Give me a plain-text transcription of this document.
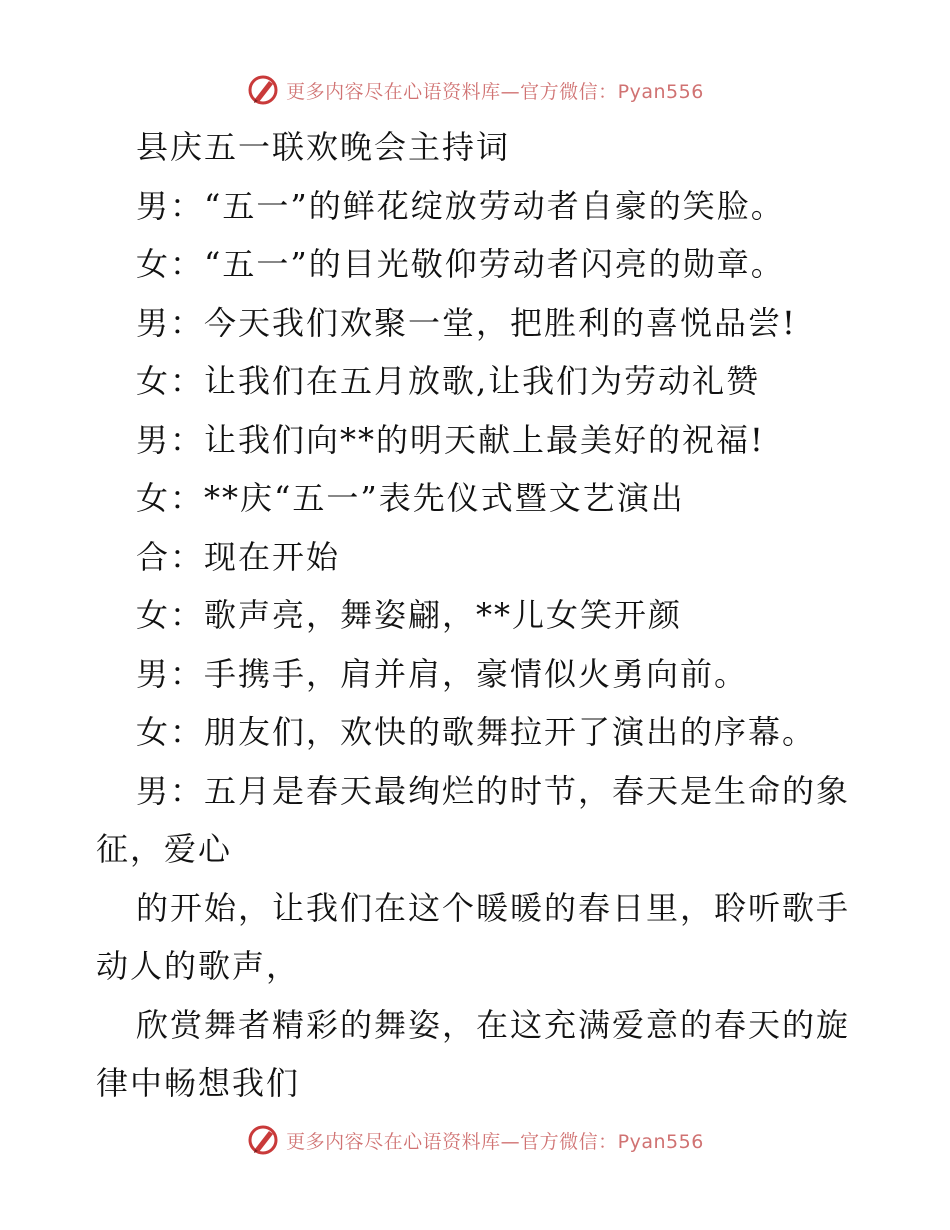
更多内容尽在心语资料库—官方微信：Pyan556
县庆五一联欢晚会主持词
男：“五一”的鲜花绽放劳动者自豪的笑脸。
女：“五一”的目光敬仰劳动者闪亮的勋章。
男：今天我们欢聚一堂，把胜利的喜悦品尝!
女：让我们在五月放歌,让我们为劳动礼赞
男：让我们向**的明天献上最美好的祝福!
女：**庆“五一”表先仪式暨文艺演出
合：现在开始
女：歌声亮，舞姿翩，**儿女笑开颜
男：手携手，肩并肩，豪情似火勇向前。
女：朋友们，欢快的歌舞拉开了演出的序幕。
男：五月是春天最绚烂的时节，春天是生命的象
征，爱心
的开始，让我们在这个暖暖的春日里，聆听歌手
动人的歌声，
欣赏舞者精彩的舞姿，在这充满爱意的春天的旋
律中畅想我们
更多内容尽在心语资料库—官方微信：Pyan556
